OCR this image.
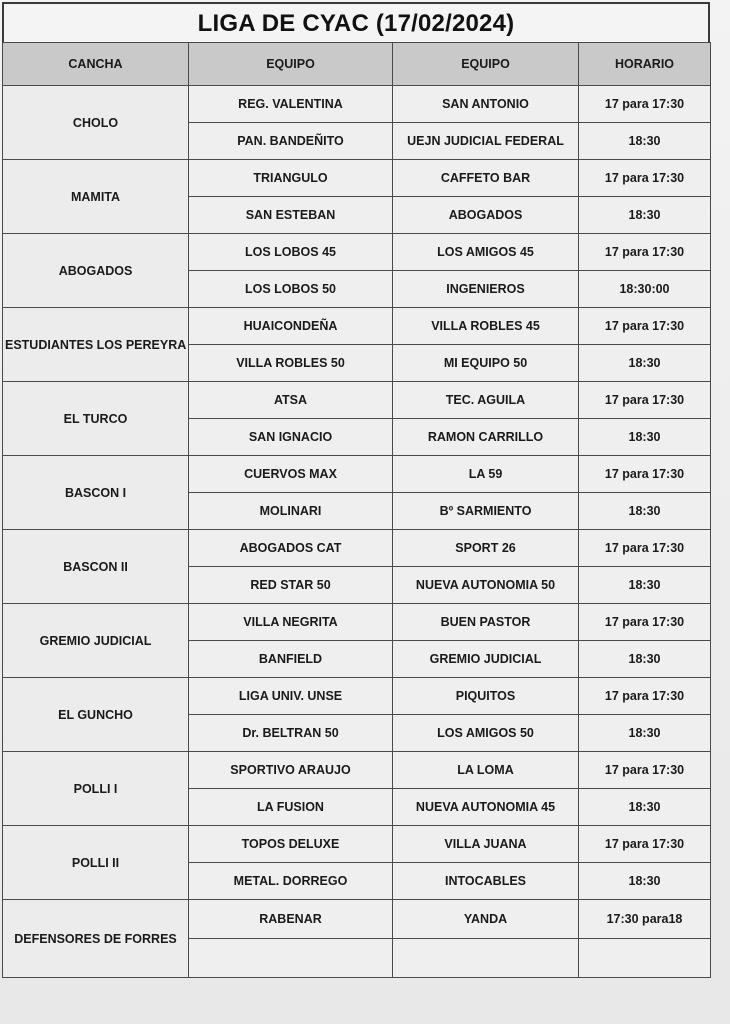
LIGA DE CYAC (17/02/2024)
CANCHA	EQUIPO	EQUIPO	HORARIO
CHOLO	REG. VALENTINA	SAN ANTONIO	17 para 17:30
	PAN. BANDEÑITO	UEJN JUDICIAL FEDERAL	18:30
MAMITA	TRIANGULO	CAFFETO BAR	17 para 17:30
	SAN ESTEBAN	ABOGADOS	18:30
ABOGADOS	LOS LOBOS 45	LOS AMIGOS 45	17 para 17:30
	LOS LOBOS 50	INGENIEROS	18:30:00
ESTUDIANTES LOS PEREYRA	HUAICONDEÑA	VILLA ROBLES 45	17 para 17:30
	VILLA ROBLES 50	MI EQUIPO 50	18:30
EL TURCO	ATSA	TEC. AGUILA	17 para 17:30
	SAN IGNACIO	RAMON CARRILLO	18:30
BASCON I	CUERVOS MAX	LA 59	17 para 17:30
	MOLINARI	Bº SARMIENTO	18:30
BASCON II	ABOGADOS CAT	SPORT 26	17 para 17:30
	RED STAR 50	NUEVA AUTONOMIA 50	18:30
GREMIO JUDICIAL	VILLA NEGRITA	BUEN PASTOR	17 para 17:30
	BANFIELD	GREMIO JUDICIAL	18:30
EL GUNCHO	LIGA UNIV. UNSE	PIQUITOS	17 para 17:30
	Dr. BELTRAN 50	LOS AMIGOS 50	18:30
POLLI I	SPORTIVO ARAUJO	LA LOMA	17 para 17:30
	LA FUSION	NUEVA AUTONOMIA 45	18:30
POLLI II	TOPOS DELUXE	VILLA JUANA	17 para 17:30
	METAL. DORREGO	INTOCABLES	18:30
DEFENSORES DE FORRES	RABENAR	YANDA	17:30 para18
